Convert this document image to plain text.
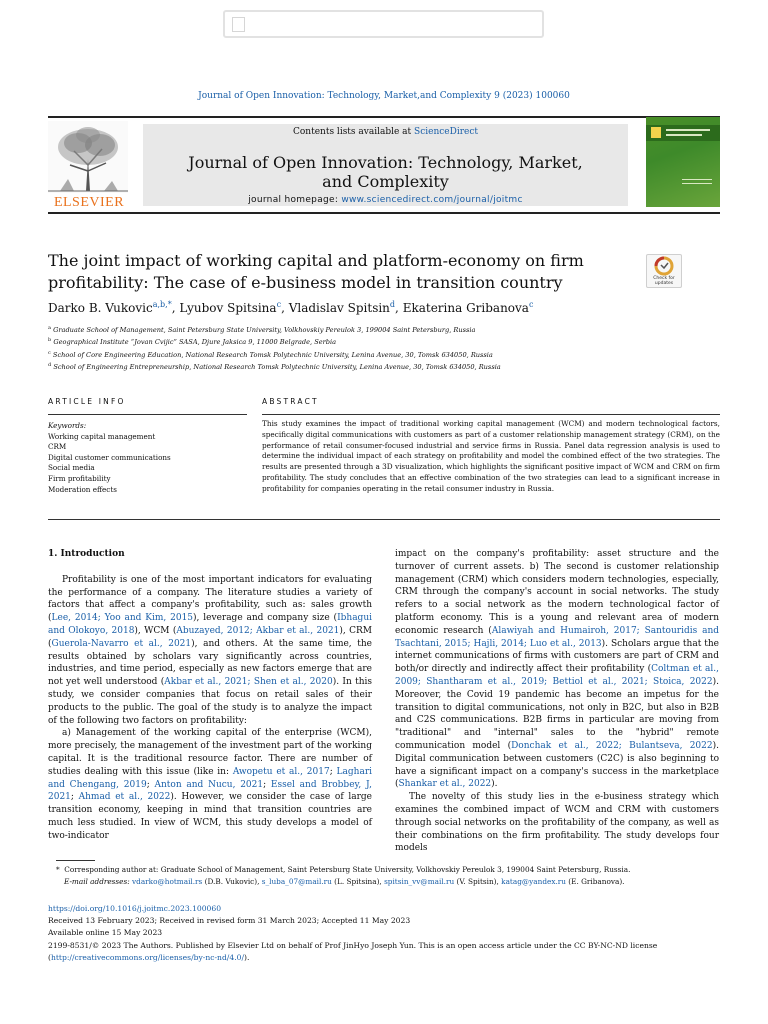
Journal of Open Innovation: Technology, Market,and Complexity 9 (2023) 100060
ELSEVIER
Contents lists available at ScienceDirect
Journal of Open Innovation: Technology, Market,
and Complexity
journal homepage: www.sciencedirect.com/journal/joitmc
The joint impact of working capital and platform-economy on firm
profitability: The case of e-business model in transition country	Check for updates
Darko B. Vukovic$^{a,b,*}$, Lyubov Spitsina$^c$, Vladislav Spitsin$^d$, Ekaterina Gribanova$^c$
$^a$ Graduate School of Management, Saint Petersburg State University, Volkhovskiy Pereulok 3, 199004 Saint Petersburg, Russia
$^b$ Geographical Institute “Jovan Cvijic” SASA, Djure Jaksica 9, 11000 Belgrade, Serbia
$^c$ School of Core Engineering Education, National Research Tomsk Polytechnic University, Lenina Avenue, 30, Tomsk 634050, Russia
$^d$ School of Engineering Entrepreneurship, National Research Tomsk Polytechnic University, Lenina Avenue, 30, Tomsk 634050, Russia
ARTICLE INFO	ABSTRACT
Keywords:
Working capital management
CRM
Digital customer communications
Social media
Firm profitability
Moderation effects
This study examines the impact of traditional working capital management (WCM) and modern technological factors, specifically digital communications with customers as part of a customer relationship management strategy (CRM), on the performance of retail consumer-focused industrial and service firms in Russia. Panel data regression analysis is used to determine the individual impact of each strategy on profitability and model the combined effect of the two strategies. The results are presented through a 3D visualization, which highlights the significant positive impact of WCM and CRM on firm profitability. The study concludes that an effective combination of the two strategies can lead to a significant increase in profitability for companies operating in the retail consumer industry in Russia.
1. Introduction

Profitability is one of the most important indicators for evaluating the performance of a company. The literature studies a variety of factors that affect a company's profitability, such as: sales growth (Lee, 2014; Yoo and Kim, 2015), leverage and company size (Ibhagui and Olokoyo, 2018), WCM (Abuzayed, 2012; Akbar et al., 2021), CRM (Guerola-Navarro et al., 2021), and others. At the same time, the results obtained by scholars vary significantly across countries, industries, and time period, especially as new factors emerge that are not yet well understood (Akbar et al., 2021; Shen et al., 2020). In this study, we consider companies that focus on retail sales of their products to the public. The goal of the study is to analyze the impact of the following two factors on profitability:

a) Management of the working capital of the enterprise (WCM), more precisely, the management of the investment part of the working capital. It is the traditional resource factor. There are number of studies dealing with this issue (like in: Awopetu et al., 2017; Laghari and Chengang, 2019; Anton and Nucu, 2021; Essel and Brobbey, J, 2021; Ahmad et al., 2022). However, we consider the case of large transition economy, keeping in mind that transition countries are much less studied. In view of WCM, this study develops a model of two-indicator

impact on the company's profitability: asset structure and the turnover of current assets. b) The second is customer relationship management (CRM) which considers modern technologies, especially, CRM through the company's account in social networks. The study refers to a social network as the modern technological factor of platform economy. This is a young and relevant area of modern economic research (Alawiyah and Humairoh, 2017; Santouridis and Tsachtani, 2015; Hajli, 2014; Luo et al., 2013). Scholars argue that the internet communications of firms with customers are part of CRM and both/or directly and indirectly affect their profitability (Coltman et al., 2009; Shantharam et al., 2019; Bettiol et al., 2021; Stoica, 2022). Moreover, the Covid 19 pandemic has become an impetus for the transition to digital communications, not only in B2C, but also in B2B and C2S communications. B2B firms in particular are moving from "traditional" and "internal" sales to the "hybrid" remote communication model (Donchak et al., 2022; Bulantseva, 2022). Digital communication between customers (C2C) is also beginning to have a significant impact on a company's success in the marketplace (Shankar et al., 2022).

The novelty of this study lies in the e-business strategy which examines the combined impact of WCM and CRM with customers through social networks on the profitability of the company, as well as their combinations on the firm profitability. The study develops four models

* Corresponding author at: Graduate School of Management, Saint Petersburg State University, Volkhovskiy Pereulok 3, 199004 Saint Petersburg, Russia.
E-mail addresses: vdarko@hotmail.rs (D.B. Vukovic), s_luba_07@mail.ru (L. Spitsina), spitsin_vv@mail.ru (V. Spitsin), katag@yandex.ru (E. Gribanova).
https://doi.org/10.1016/j.joitmc.2023.100060
Received 13 February 2023; Received in revised form 31 March 2023; Accepted 11 May 2023
Available online 15 May 2023
2199-8531/© 2023 The Authors. Published by Elsevier Ltd on behalf of Prof JinHyo Joseph Yun. This is an open access article under the CC BY-NC-ND license
(http://creativecommons.org/licenses/by-nc-nd/4.0/).
